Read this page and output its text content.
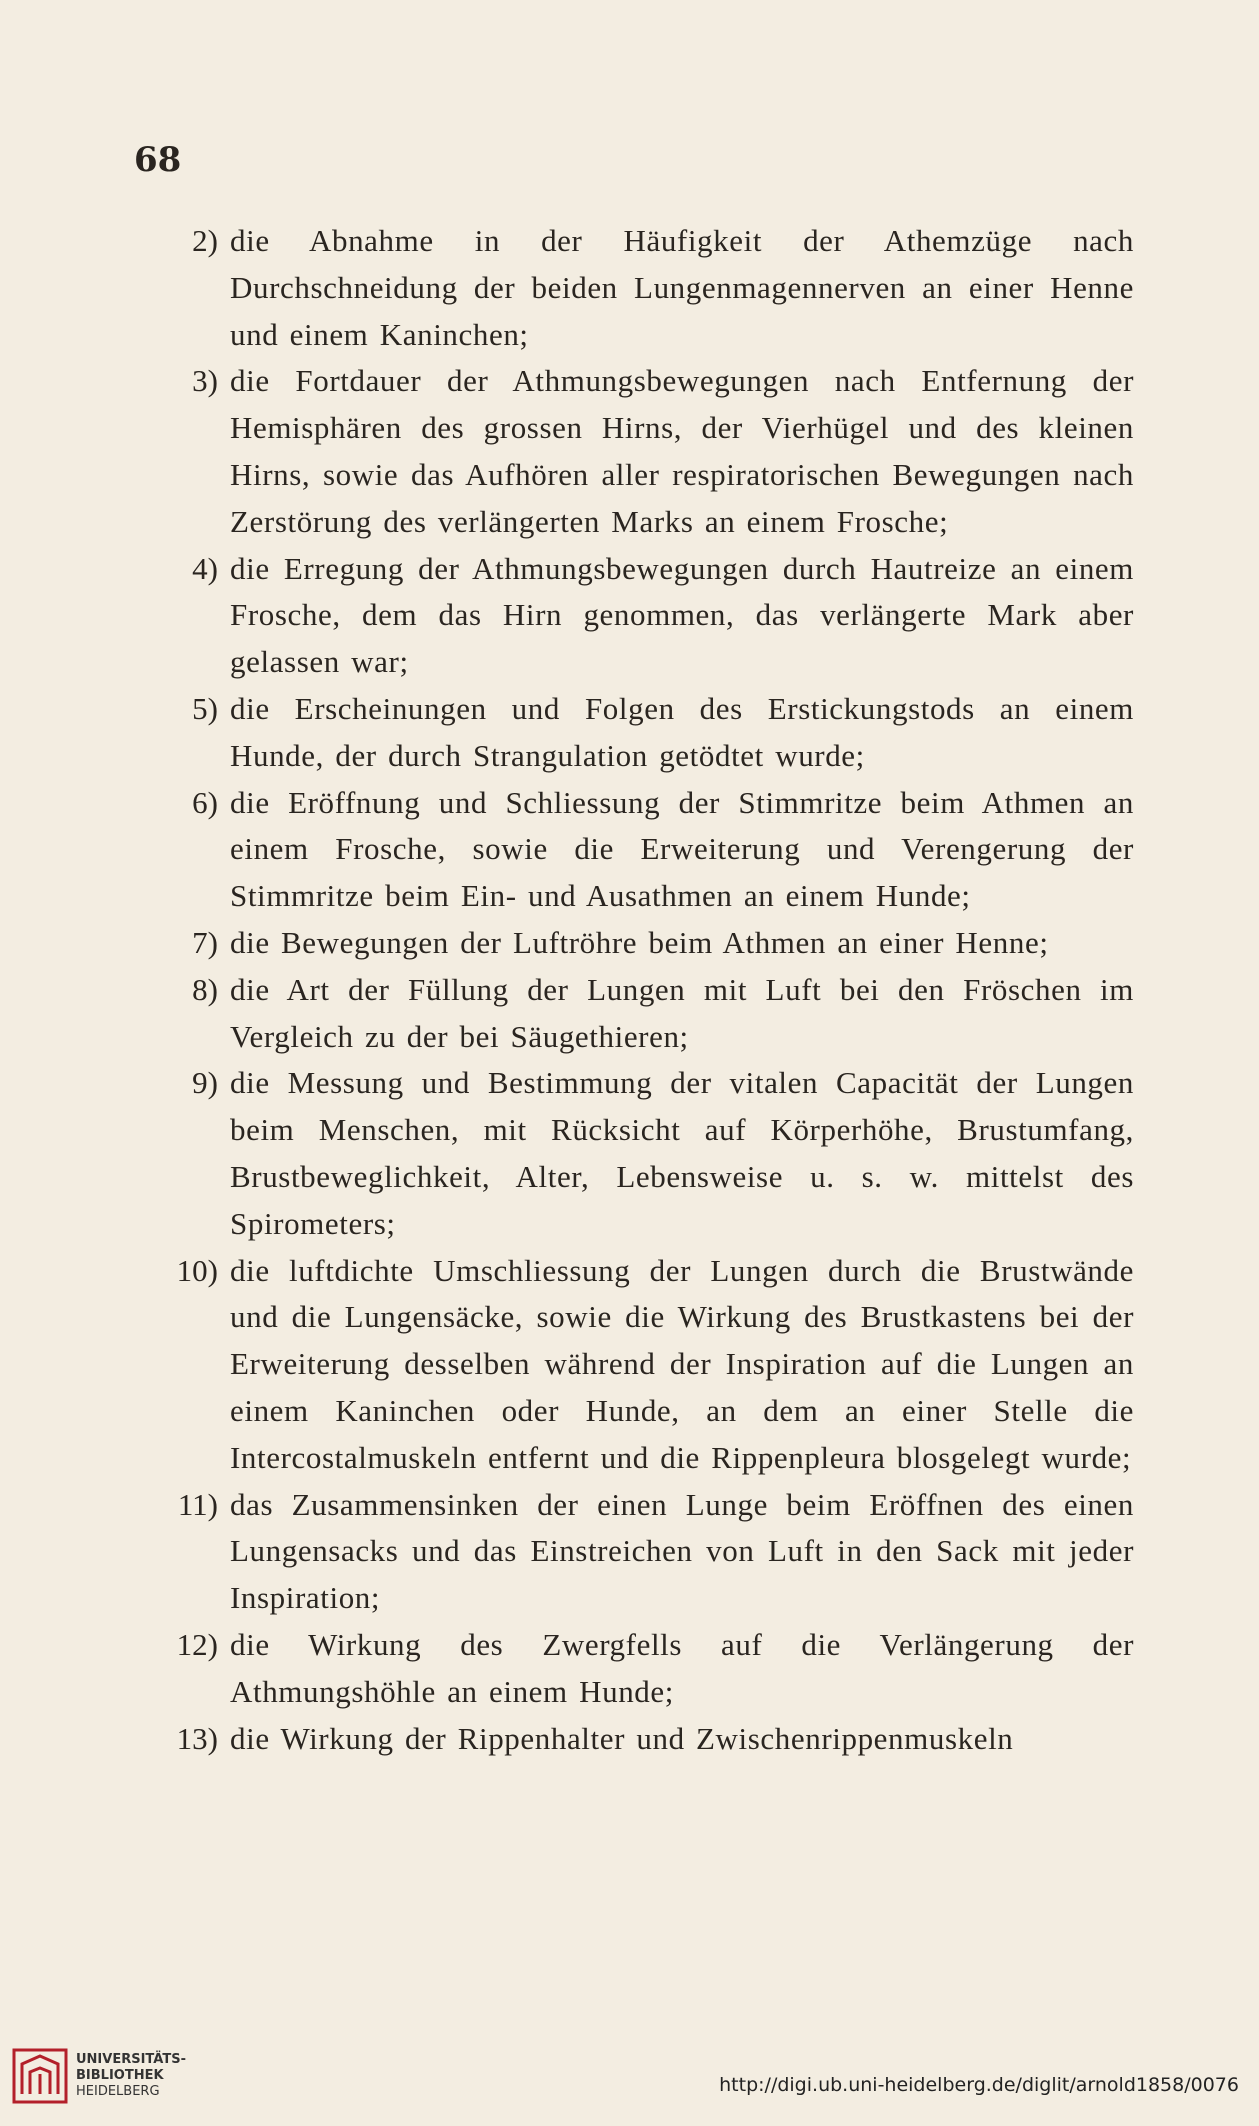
68
2) die Abnahme in der Häufigkeit der Athemzüge nach Durchschneidung der beiden Lungenmagennerven an einer Henne und einem Kaninchen;
3) die Fortdauer der Athmungsbewegungen nach Entfernung der Hemisphären des grossen Hirns, der Vierhügel und des kleinen Hirns, sowie das Aufhören aller respiratorischen Bewegungen nach Zerstörung des verlängerten Marks an einem Frosche;
4) die Erregung der Athmungsbewegungen durch Hautreize an einem Frosche, dem das Hirn genommen, das verlängerte Mark aber gelassen war;
5) die Erscheinungen und Folgen des Erstickungstods an einem Hunde, der durch Strangulation getödtet wurde;
6) die Eröffnung und Schliessung der Stimmritze beim Athmen an einem Frosche, sowie die Erweiterung und Verengerung der Stimmritze beim Ein- und Ausathmen an einem Hunde;
7) die Bewegungen der Luftröhre beim Athmen an einer Henne;
8) die Art der Füllung der Lungen mit Luft bei den Fröschen im Vergleich zu der bei Säugethieren;
9) die Messung und Bestimmung der vitalen Capacität der Lungen beim Menschen, mit Rücksicht auf Körperhöhe, Brustumfang, Brustbeweglichkeit, Alter, Lebensweise u. s. w. mittelst des Spirometers;
10) die luftdichte Umschliessung der Lungen durch die Brustwände und die Lungensäcke, sowie die Wirkung des Brustkastens bei der Erweiterung desselben während der Inspiration auf die Lungen an einem Kaninchen oder Hunde, an dem an einer Stelle die Intercostalmuskeln entfernt und die Rippenpleura blosgelegt wurde;
11) das Zusammensinken der einen Lunge beim Eröffnen des einen Lungensacks und das Einstreichen von Luft in den Sack mit jeder Inspiration;
12) die Wirkung des Zwergfells auf die Verlängerung der Athmungshöhle an einem Hunde;
13) die Wirkung der Rippenhalter und Zwischenrippenmuskeln
UNIVERSITÄTS-
BIBLIOTHEK
HEIDELBERG	http://digi.ub.uni-heidelberg.de/diglit/arnold1858/0076
